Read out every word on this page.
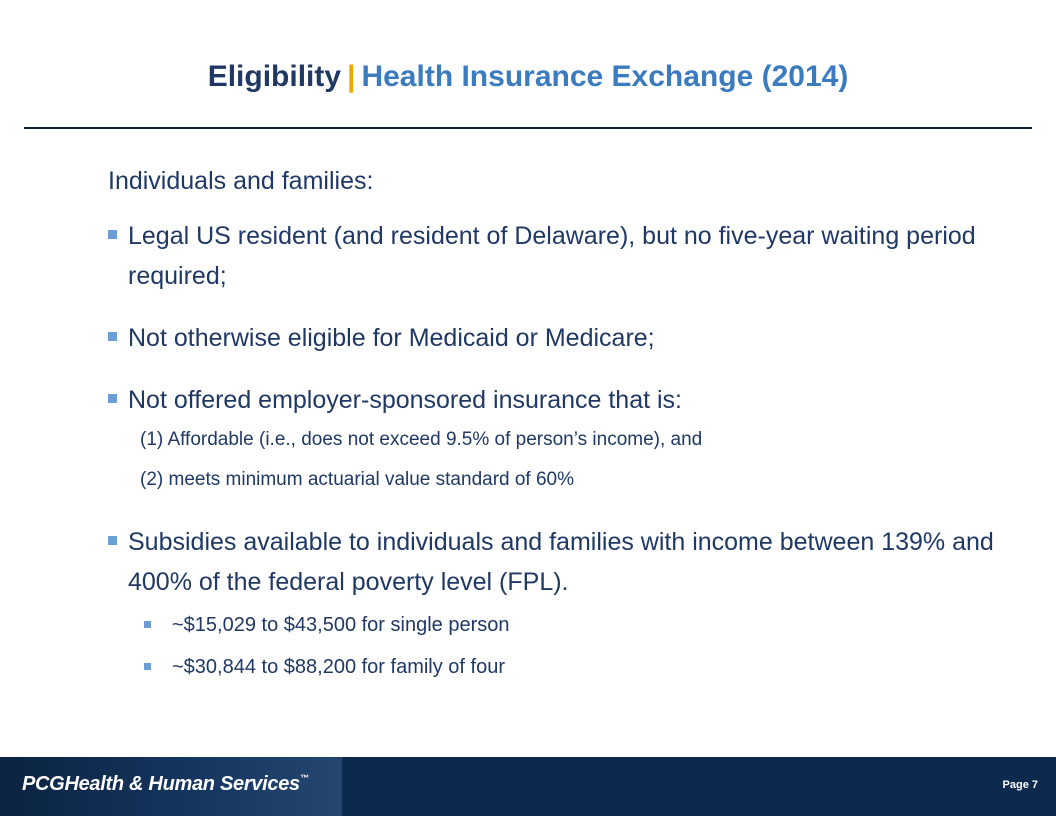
Eligibility | Health Insurance Exchange (2014)
Individuals and families:
Legal US resident (and resident of Delaware), but no five-year waiting period required;
Not otherwise eligible for Medicaid or Medicare;
Not offered employer-sponsored insurance that is:
(1) Affordable (i.e., does not exceed 9.5% of person’s income), and
(2) meets minimum actuarial value standard of 60%
Subsidies available to individuals and families with income between 139% and 400% of the federal poverty level (FPL).
~$15,029 to $43,500 for single person
~$30,844 to $88,200 for family of four
PCGHealth & Human Services™
Page 7
